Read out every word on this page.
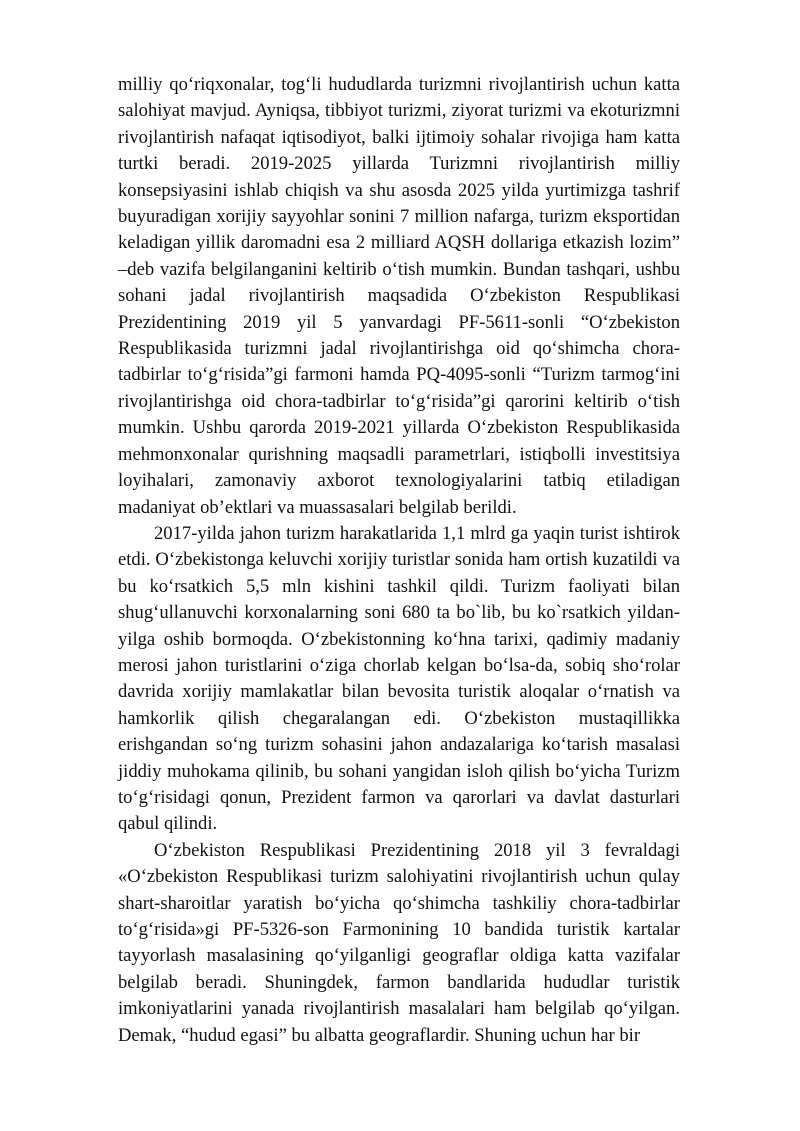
milliy qo‘riqxonalar, tog‘li hududlarda turizmni rivojlantirish uchun katta salohiyat mavjud. Ayniqsa, tibbiyot turizmi, ziyorat turizmi va ekoturizmni rivojlantirish nafaqat iqtisodiyot, balki ijtimoiy sohalar rivojiga ham katta turtki beradi. 2019-2025 yillarda Turizmni rivojlantirish milliy konsepsiyasini ishlab chiqish va shu asosda 2025 yilda yurtimizga tashrif buyuradigan xorijiy sayyohlar sonini 7 million nafarga, turizm eksportidan keladigan yillik daromadni esa 2 milliard AQSH dollariga etkazish lozim” –deb vazifa belgilanganini keltirib o‘tish mumkin. Bundan tashqari, ushbu sohani jadal rivojlantirish maqsadida O‘zbekiston Respublikasi Prezidentining 2019 yil 5 yanvardagi PF-5611-sonli “O‘zbekiston Respublikasida turizmni jadal rivojlantirishga oid qo‘shimcha chora-tadbirlar to‘g‘risida”gi farmoni hamda PQ-4095-sonli “Turizm tarmog‘ini rivojlantirishga oid chora-tadbirlar to‘g‘risida”gi qarorini keltirib o‘tish mumkin. Ushbu qarorda 2019-2021 yillarda O‘zbekiston Respublikasida mehmonxonalar qurishning maqsadli parametrlari, istiqbolli investitsiya loyihalari, zamonaviy axborot texnologiyalarini tatbiq etiladigan madaniyat ob’ektlari va muassasalari belgilab berildi.

2017-yilda jahon turizm harakatlarida 1,1 mlrd ga yaqin turist ishtirok etdi. O‘zbekistonga keluvchi xorijiy turistlar sonida ham ortish kuzatildi va bu ko‘rsatkich 5,5 mln kishini tashkil qildi. Turizm faoliyati bilan shug‘ullanuvchi korxonalarning soni 680 ta bo`lib, bu ko`rsatkich yildan-yilga oshib bormoqda. O‘zbekistonning ko‘hna tarixi, qadimiy madaniy merosi jahon turistlarini o‘ziga chorlab kelgan bo‘lsa-da, sobiq sho‘rolar davrida xorijiy mamlakatlar bilan bevosita turistik aloqalar o‘rnatish va hamkorlik qilish chegaralangan edi. O‘zbekiston mustaqillikka erishgandan so‘ng turizm sohasini jahon andazalariga ko‘tarish masalasi jiddiy muhokama qilinib, bu sohani yangidan isloh qilish bo‘yicha Turizm to‘g‘risidagi qonun, Prezident farmon va qarorlari va davlat dasturlari qabul qilindi.

O‘zbekiston Respublikasi Prezidentining 2018 yil 3 fevraldagi «O‘zbekiston Respublikasi turizm salohiyatini rivojlantirish uchun qulay shart-sharoitlar yaratish bo‘yicha qo‘shimcha tashkiliy chora-tadbirlar to‘g‘risida»gi PF-5326-son Farmonining 10 bandida turistik kartalar tayyorlash masalasining qo‘yilganligi geograflar oldiga katta vazifalar belgilab beradi. Shuningdek, farmon bandlarida hududlar turistik imkoniyatlarini yanada rivojlantirish masalalari ham belgilab qo‘yilgan. Demak, “hudud egasi” bu albatta geograflardir. Shuning uchun har bir
